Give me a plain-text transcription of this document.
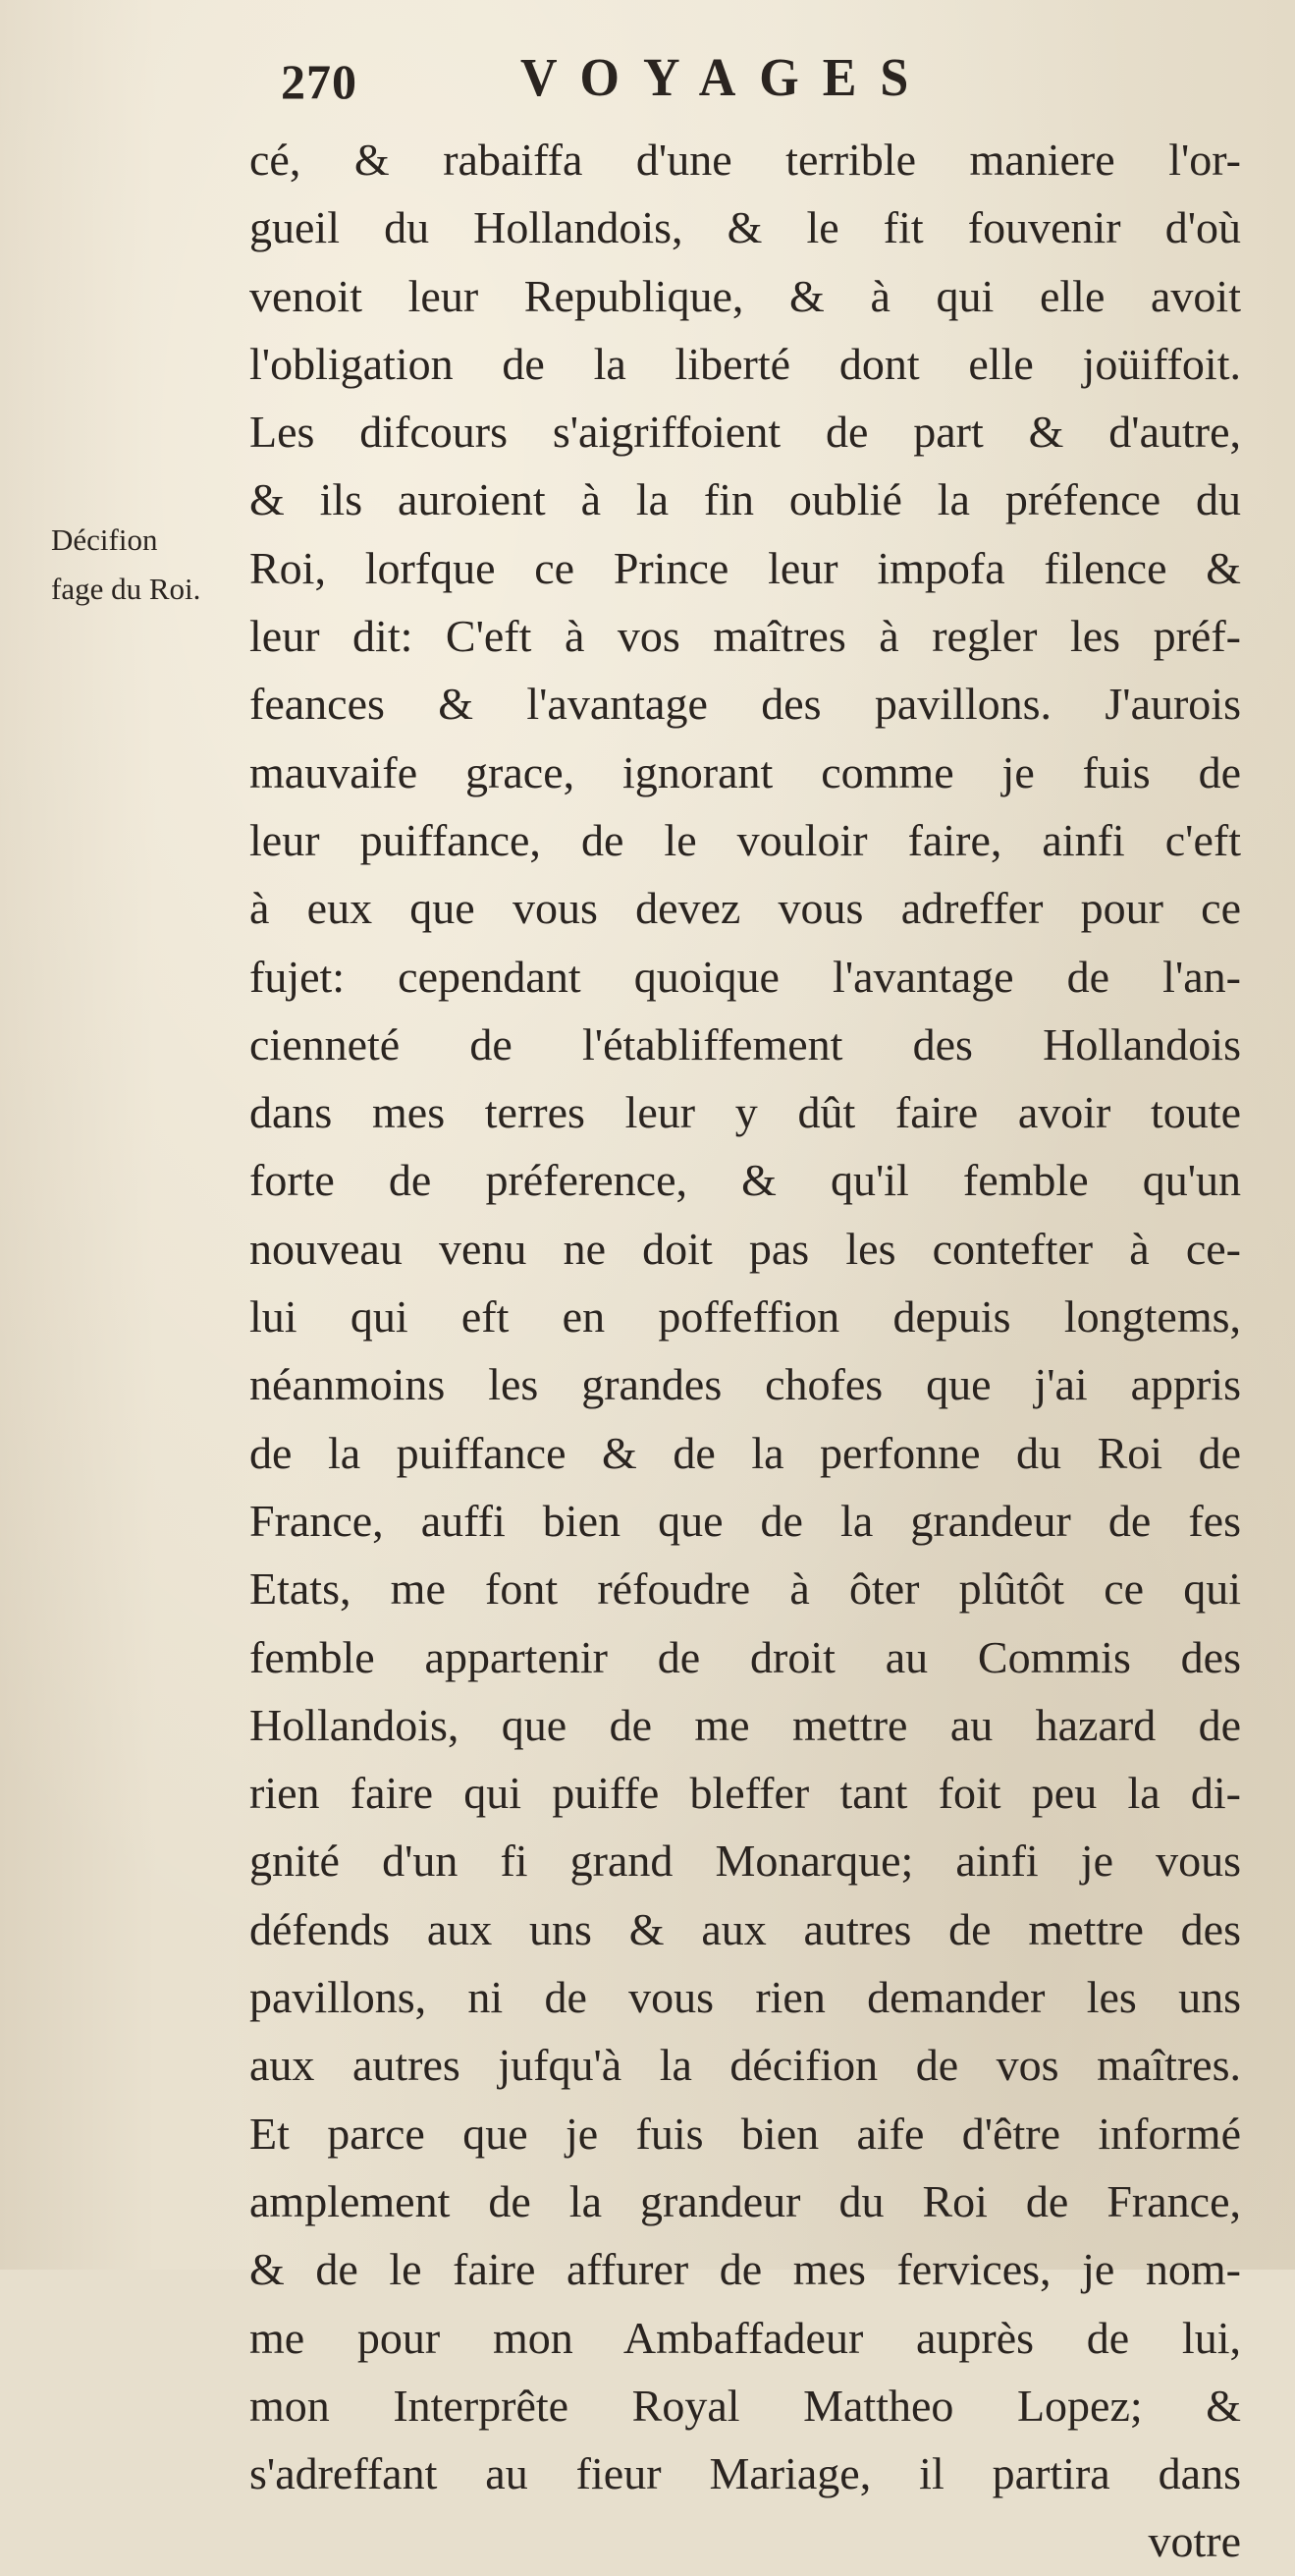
270	VOYAGES
Décifion
fage du Roi.
cé, & rabaiffa d'une terrible maniere l'or-
gueil du Hollandois, & le fit fouvenir d'où
venoit leur Republique, & à qui elle avoit
l'obligation de la liberté dont elle joüiffoit.
Les difcours s'aigriffoient de part & d'autre,
& ils auroient à la fin oublié la préfence du
Roi, lorfque ce Prince leur impofa filence &
leur dit: C'eft à vos maîtres à regler les préf-
feances & l'avantage des pavillons. J'aurois
mauvaife grace, ignorant comme je fuis de
leur puiffance, de le vouloir faire, ainfi c'eft
à eux que vous devez vous adreffer pour ce
fujet: cependant quoique l'avantage de l'an-
cienneté de l'établiffement des Hollandois
dans mes terres leur y dût faire avoir toute
forte de préference, & qu'il femble qu'un
nouveau venu ne doit pas les contefter à ce-
lui qui eft en poffeffion depuis longtems,
néanmoins les grandes chofes que j'ai appris
de la puiffance & de la perfonne du Roi de
France, auffi bien que de la grandeur de fes
Etats, me font réfoudre à ôter plûtôt ce qui
femble appartenir de droit au Commis des
Hollandois, que de me mettre au hazard de
rien faire qui puiffe bleffer tant foit peu la di-
gnité d'un fi grand Monarque; ainfi je vous
défends aux uns & aux autres de mettre des
pavillons, ni de vous rien demander les uns
aux autres jufqu'à la décifion de vos maîtres.
Et parce que je fuis bien aife d'être informé
amplement de la grandeur du Roi de France,
& de le faire affurer de mes fervices, je nom-
me pour mon Ambaffadeur auprès de lui,
mon Interprête Royal Mattheo Lopez; &
s'adreffant au fieur Mariage, il partira dans
votre
